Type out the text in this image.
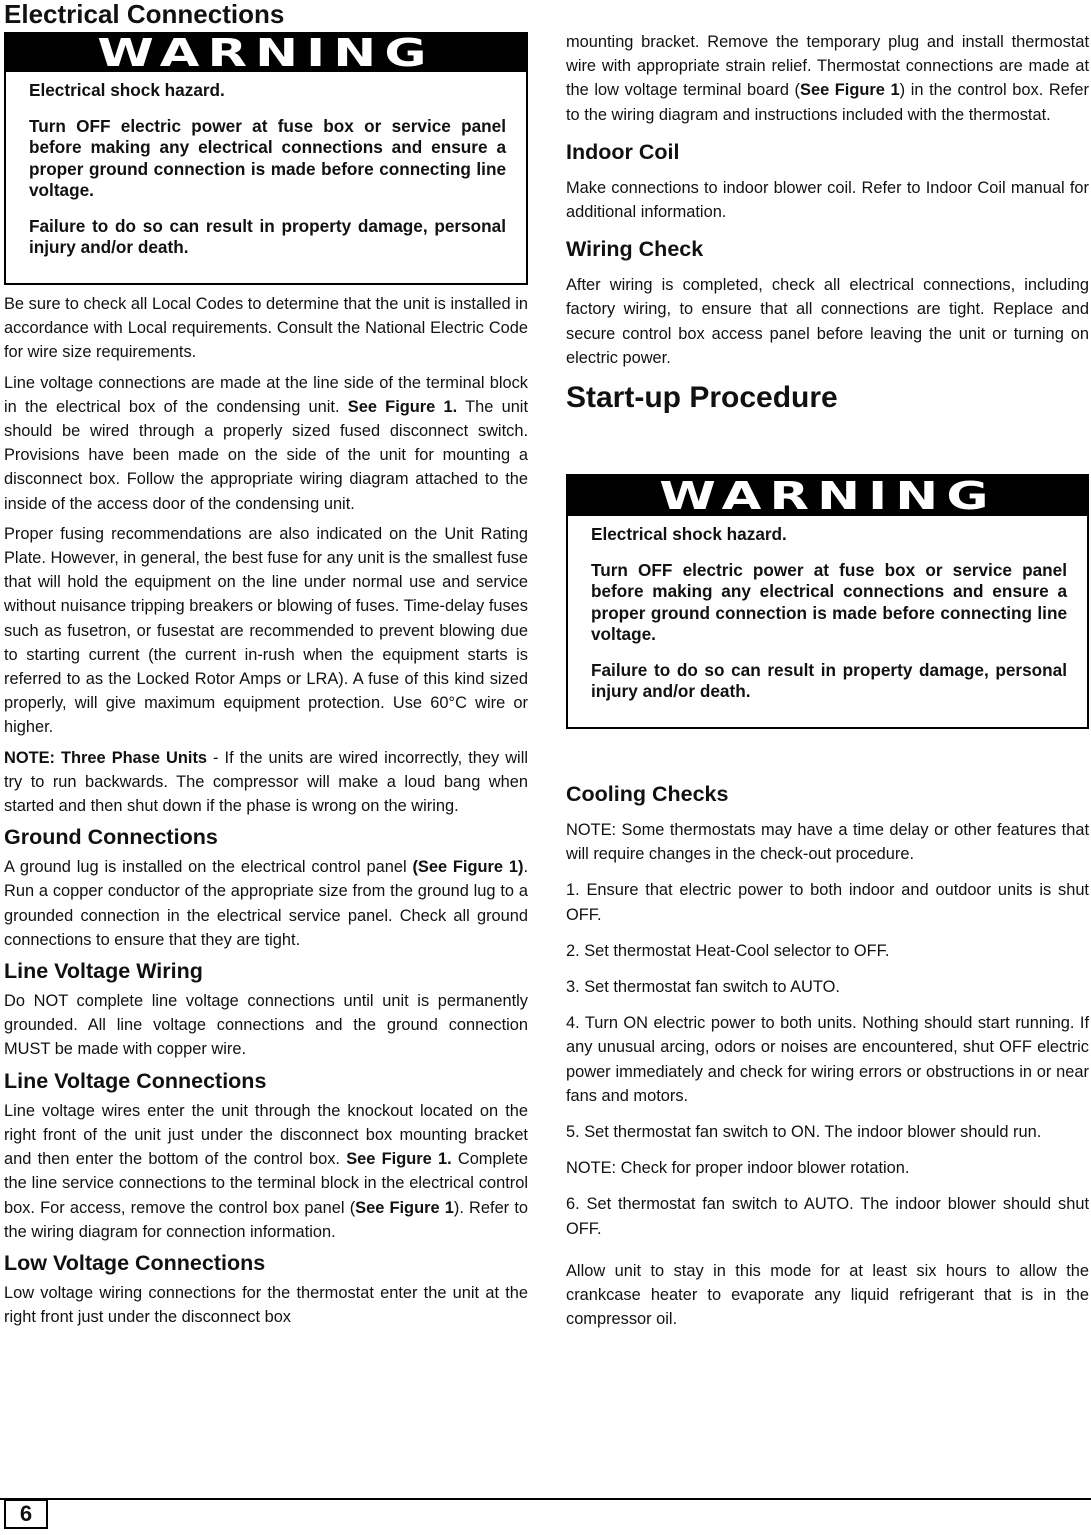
Electrical Connections
WARNING

Electrical shock hazard.

Turn OFF electric power at fuse box or service panel before making any electrical connections and ensure a proper ground connection is made before connecting line voltage.

Failure to do so can result in property damage, personal injury and/or death.

Be sure to check all Local Codes to determine that the unit is installed in accordance with Local requirements. Consult the National Electric Code for wire size requirements.

Line voltage connections are made at the line side of the terminal block in the electrical box of the condensing unit. See Figure 1. The unit should be wired through a properly sized fused disconnect switch. Provisions have been made on the side of the unit for mounting a disconnect box. Follow the appropriate wiring diagram attached to the inside of the access door of the condensing unit.

Proper fusing recommendations are also indicated on the Unit Rating Plate. However, in general, the best fuse for any unit is the smallest fuse that will hold the equipment on the line under normal use and service without nuisance tripping breakers or blowing of fuses. Time-delay fuses such as fusetron, or fusestat are recommended to prevent blowing due to starting current (the current in-rush when the equipment starts is referred to as the Locked Rotor Amps or LRA). A fuse of this kind sized properly, will give maximum equipment protection. Use 60°C wire or higher.

NOTE: Three Phase Units - If the units are wired incorrectly, they will try to run backwards. The compressor will make a loud bang when started and then shut down if the phase is wrong on the wiring.

Ground Connections

A ground lug is installed on the electrical control panel (See Figure 1). Run a copper conductor of the appropriate size from the ground lug to a grounded connection in the electrical service panel. Check all ground connections to ensure that they are tight.

Line Voltage Wiring

Do NOT complete line voltage connections until unit is permanently grounded. All line voltage connections and the ground connection MUST be made with copper wire.

Line Voltage Connections

Line voltage wires enter the unit through the knockout located on the right front of the unit just under the disconnect box mounting bracket and then enter the bottom of the control box. See Figure 1. Complete the line service connections to the terminal block in the electrical control box. For access, remove the control box panel (See Figure 1). Refer to the wiring diagram for connection information.

Low Voltage Connections

Low voltage wiring connections for the thermostat enter the unit at the right front just under the disconnect box

mounting bracket. Remove the temporary plug and install thermostat wire with appropriate strain relief. Thermostat connections are made at the low voltage terminal board (See Figure 1) in the control box. Refer to the wiring diagram and instructions included with the thermostat.

Indoor Coil

Make connections to indoor blower coil. Refer to Indoor Coil manual for additional information.

Wiring Check

After wiring is completed, check all electrical connections, including factory wiring, to ensure that all connections are tight. Replace and secure control box access panel before leaving the unit or turning on electric power.

Start-up Procedure
WARNING

Electrical shock hazard.

Turn OFF electric power at fuse box or service panel before making any electrical connections and ensure a proper ground connection is made before connecting line voltage.

Failure to do so can result in property damage, personal injury and/or death.

Cooling Checks

NOTE: Some thermostats may have a time delay or other features that will require changes in the check-out procedure.

1. Ensure that electric power to both indoor and outdoor units is shut OFF.

2. Set thermostat Heat-Cool selector to OFF.

3. Set thermostat fan switch to AUTO.

4. Turn ON electric power to both units. Nothing should start running. If any unusual arcing, odors or noises are encountered, shut OFF electric power immediately and check for wiring errors or obstructions in or near fans and motors.

5. Set thermostat fan switch to ON. The indoor blower should run.

NOTE: Check for proper indoor blower rotation.

6. Set thermostat fan switch to AUTO. The indoor blower should shut OFF.

Allow unit to stay in this mode for at least six hours to allow the crankcase heater to evaporate any liquid refrigerant that is in the compressor oil.

6
